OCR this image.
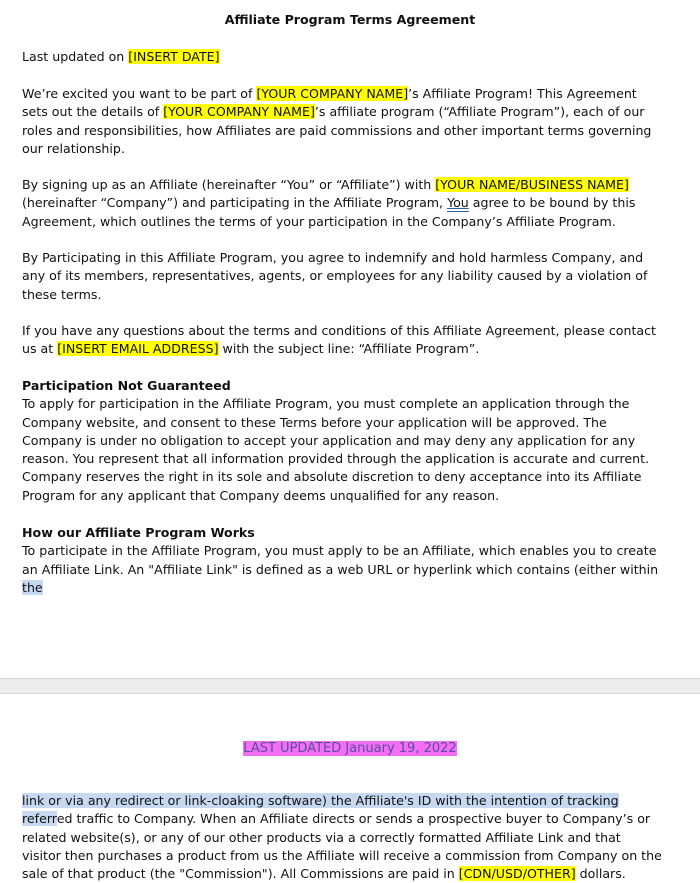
Affiliate Program Terms Agreement

Last updated on [INSERT DATE]

We’re excited you want to be part of [YOUR COMPANY NAME]’s Affiliate Program! This Agreement sets out the details of [YOUR COMPANY NAME]’s affiliate program (“Affiliate Program”), each of our roles and responsibilities, how Affiliates are paid commissions and other important terms governing our relationship.

By signing up as an Affiliate (hereinafter “You” or “Affiliate”) with [YOUR NAME/BUSINESS NAME] (hereinafter “Company”) and participating in the Affiliate Program, You agree to be bound by this Agreement, which outlines the terms of your participation in the Company’s Affiliate Program.

By Participating in this Affiliate Program, you agree to indemnify and hold harmless Company, and any of its members, representatives, agents, or employees for any liability caused by a violation of these terms.

If you have any questions about the terms and conditions of this Affiliate Agreement, please contact us at [INSERT EMAIL ADDRESS] with the subject line: “Affiliate Program”.

Participation Not Guaranteed

To apply for participation in the Affiliate Program, you must complete an application through the Company website, and consent to these Terms before your application will be approved. The Company is under no obligation to accept your application and may deny any application for any reason. You represent that all information provided through the application is accurate and current. Company reserves the right in its sole and absolute discretion to deny acceptance into its Affiliate Program for any applicant that Company deems unqualified for any reason.

How our Affiliate Program Works

To participate in the Affiliate Program, you must apply to be an Affiliate, which enables you to create an Affiliate Link. An "Affiliate Link" is defined as a web URL or hyperlink which contains (either within the

LAST UPDATED January 19, 2022

link or via any redirect or link-cloaking software) the Affiliate's ID with the intention of tracking referred traffic to Company. When an Affiliate directs or sends a prospective buyer to Company’s or related website(s), or any of our other products via a correctly formatted Affiliate Link and that visitor then purchases a product from us the Affiliate will receive a commission from Company on the sale of that product (the "Commission"). All Commissions are paid in [CDN/USD/OTHER] dollars.
